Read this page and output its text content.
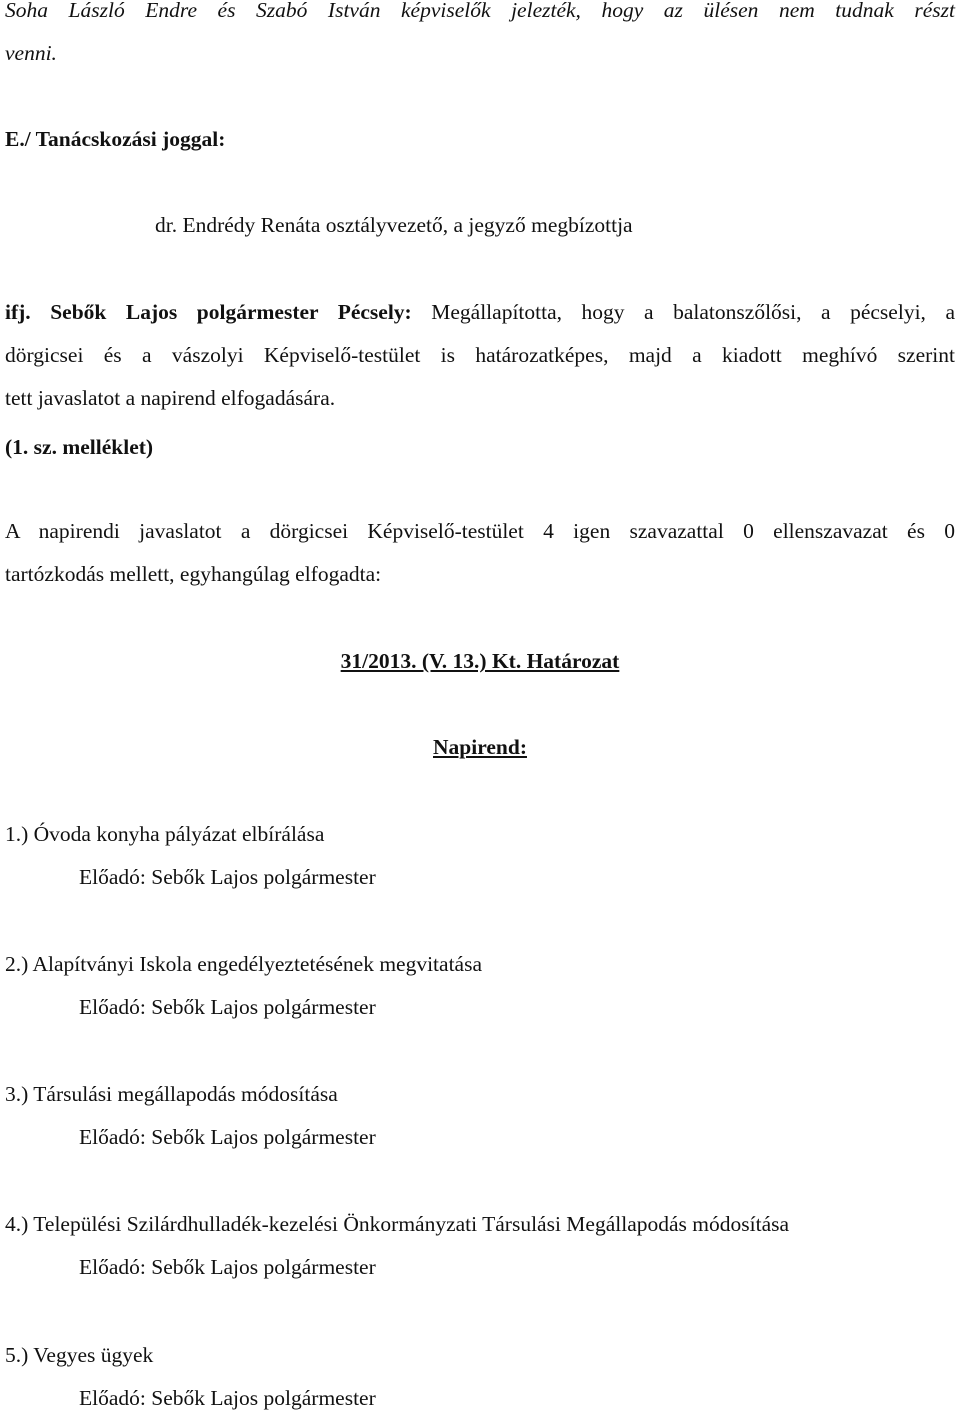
Soha László Endre és Szabó István képviselők jelezték, hogy az ülésen nem tudnak részt
venni.
E./ Tanácskozási joggal:
dr. Endrédy Renáta osztályvezető, a jegyző megbízottja
ifj. Sebők Lajos polgármester Pécsely: Megállapította, hogy a balatonszőlősi, a pécselyi, a
dörgicsei és a vászolyi Képviselő-testület is határozatképes, majd a kiadott meghívó szerint
tett javaslatot a napirend elfogadására.
(1. sz. melléklet)
A napirendi javaslatot a dörgicsei Képviselő-testület 4 igen szavazattal 0 ellenszavazat és 0
tartózkodás mellett, egyhangúlag elfogadta:
31/2013. (V. 13.) Kt. Határozat
Napirend:
1.) Óvoda konyha pályázat elbírálása
Előadó: Sebők Lajos polgármester
2.) Alapítványi Iskola engedélyeztetésének megvitatása
Előadó: Sebők Lajos polgármester
3.) Társulási megállapodás módosítása
Előadó: Sebők Lajos polgármester
4.) Települési Szilárdhulladék-kezelési Önkormányzati Társulási Megállapodás módosítása
Előadó: Sebők Lajos polgármester
5.) Vegyes ügyek
Előadó: Sebők Lajos polgármester
